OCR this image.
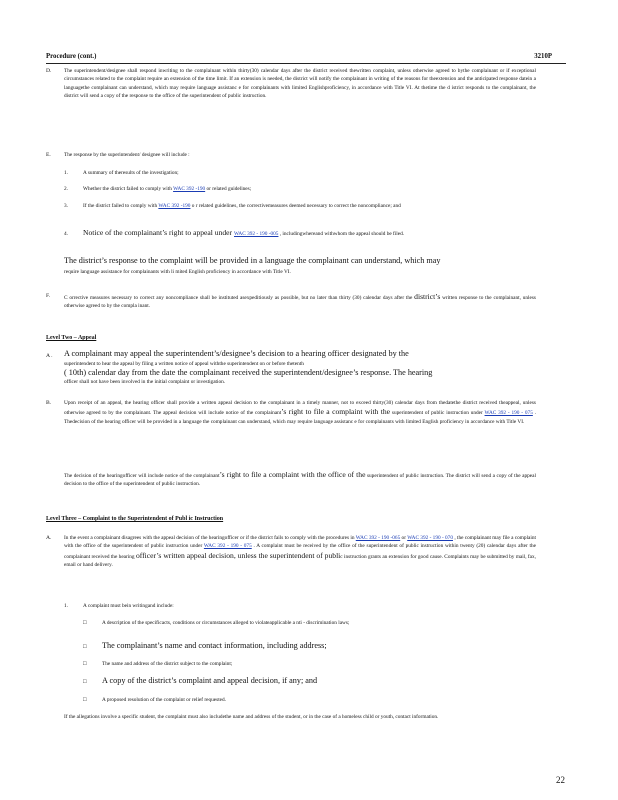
Procedure (cont.)	3210P
D. The superintendent/designee shall respond inwriting to the complainant within thirty(30) calendar days after the district received thewritten complaint, unless otherwise agreed to bythe complainant or if exceptional circumstances related to the complaint require an extension of the time limit. If an extension is needed, the district will notify the complainant in writing of the reasons for theextension and the anticipated response datein a languagethe complainant can understand, which may require language assistanc e for complainants with limited Englishproficiency, in accordance with Title VI. At thetime the d istrict responds to the complainant, the district will send a copy of the response to the office of the superintendent of public instruction.

E. The response by the superintendent/ designee will include :
1.	A summary of theresults of the investigation;
2.	Whether the district failed to comply with WAC 392 -190 or related guidelines;
3.	If the district failed to comply with WAC 392 -190 o r related guidelines, the correctivemeasures deemed necessary to correct the noncompliance; and
4. Notice of the complainant’s right to appeal under WAC 392 - 190 -005 , includingwhereand withwhom the appeal should be filed.
The district’s response to the complaint will be provided in a language the complainant can understand, which may
require language assistance for complainants with li mited English proficiency in accordance with Title VI.
F.	C orrective measures necessary to correct any noncompliance shall be instituted asexpeditiously as possible, but no later than thirty (30) calendar days after the district’s written response to the complainant, unless otherwise agreed to by the compla inant.
Level Two – Appeal
A . A complainant may appeal the superintendent’s/designee’s decision to a hearing officer designated by the

superintendent to hear the appeal by filing a written notice of appeal withthe superintendent on or before thetenth

( 10th) calendar day from the date the complainant received the superintendent/designee’s response. The hearing

officer shall not have been involved in the initial complaint or investigation.

B. Upon receipt of an appeal, the hearing officer shall provide a written appeal decision to the complainant in a timely manner, not to exceed thirty(30) calendar days from thedatethe district received theappeal, unless otherwise agreed to by the complainant. The appeal decision will include notice of the complainant’s right to file a complaint with the superintendent of public instruction under WAC 392 - 190 - 075 . Thedecision of the hearing officer will be provided in a language the complainant can understand, which may require language assistanc e for complainants with limited English proficiency in accordance with Title VI.
The decision of the hearingofficer will include notice of the complainant’s right to file a complaint with the office of the superintendent of public instruction. The district will send a copy of the appeal decision to the office of the superintendent of public instruction.
Level Three – Complaint to the Superintendent of Publ ic Instruction
A. In the event a complainant disagrees with the appeal decision of the hearingofficer or if the district fails to comply with the procedures in WAC 392 - 190 -065 or WAC 392 - 190 - 070 , the complainant may file a complaint with the office of the superintendent of public instruction under WAC 392 - 190 - 075 . A complaint must be received by the office of the superintendent of public instruction within twenty (20) calendar days after the complainant received the hearing officer’s written appeal decision, unless the superintendent of public instruction grants an extension for good cause. Complaints may be submitted by mail, fax, email or hand delivery.
1.	A complaint must bein writingand include:
□	A description of the specificacts, conditions or circumstances alleged to violateapplicable a nti - discrimination laws;
□ The complainant’s name and contact information, including address;
□	The name and address of the district subject to the complaint;
□ A copy of the district’s complaint and appeal decision, if any; and
□	A proposed resolution of the complaint or relief requested.
If the allegations involve a specific student, the complaint must also includethe name and address of the student, or in the case of a homeless child or youth, contact information.
22
